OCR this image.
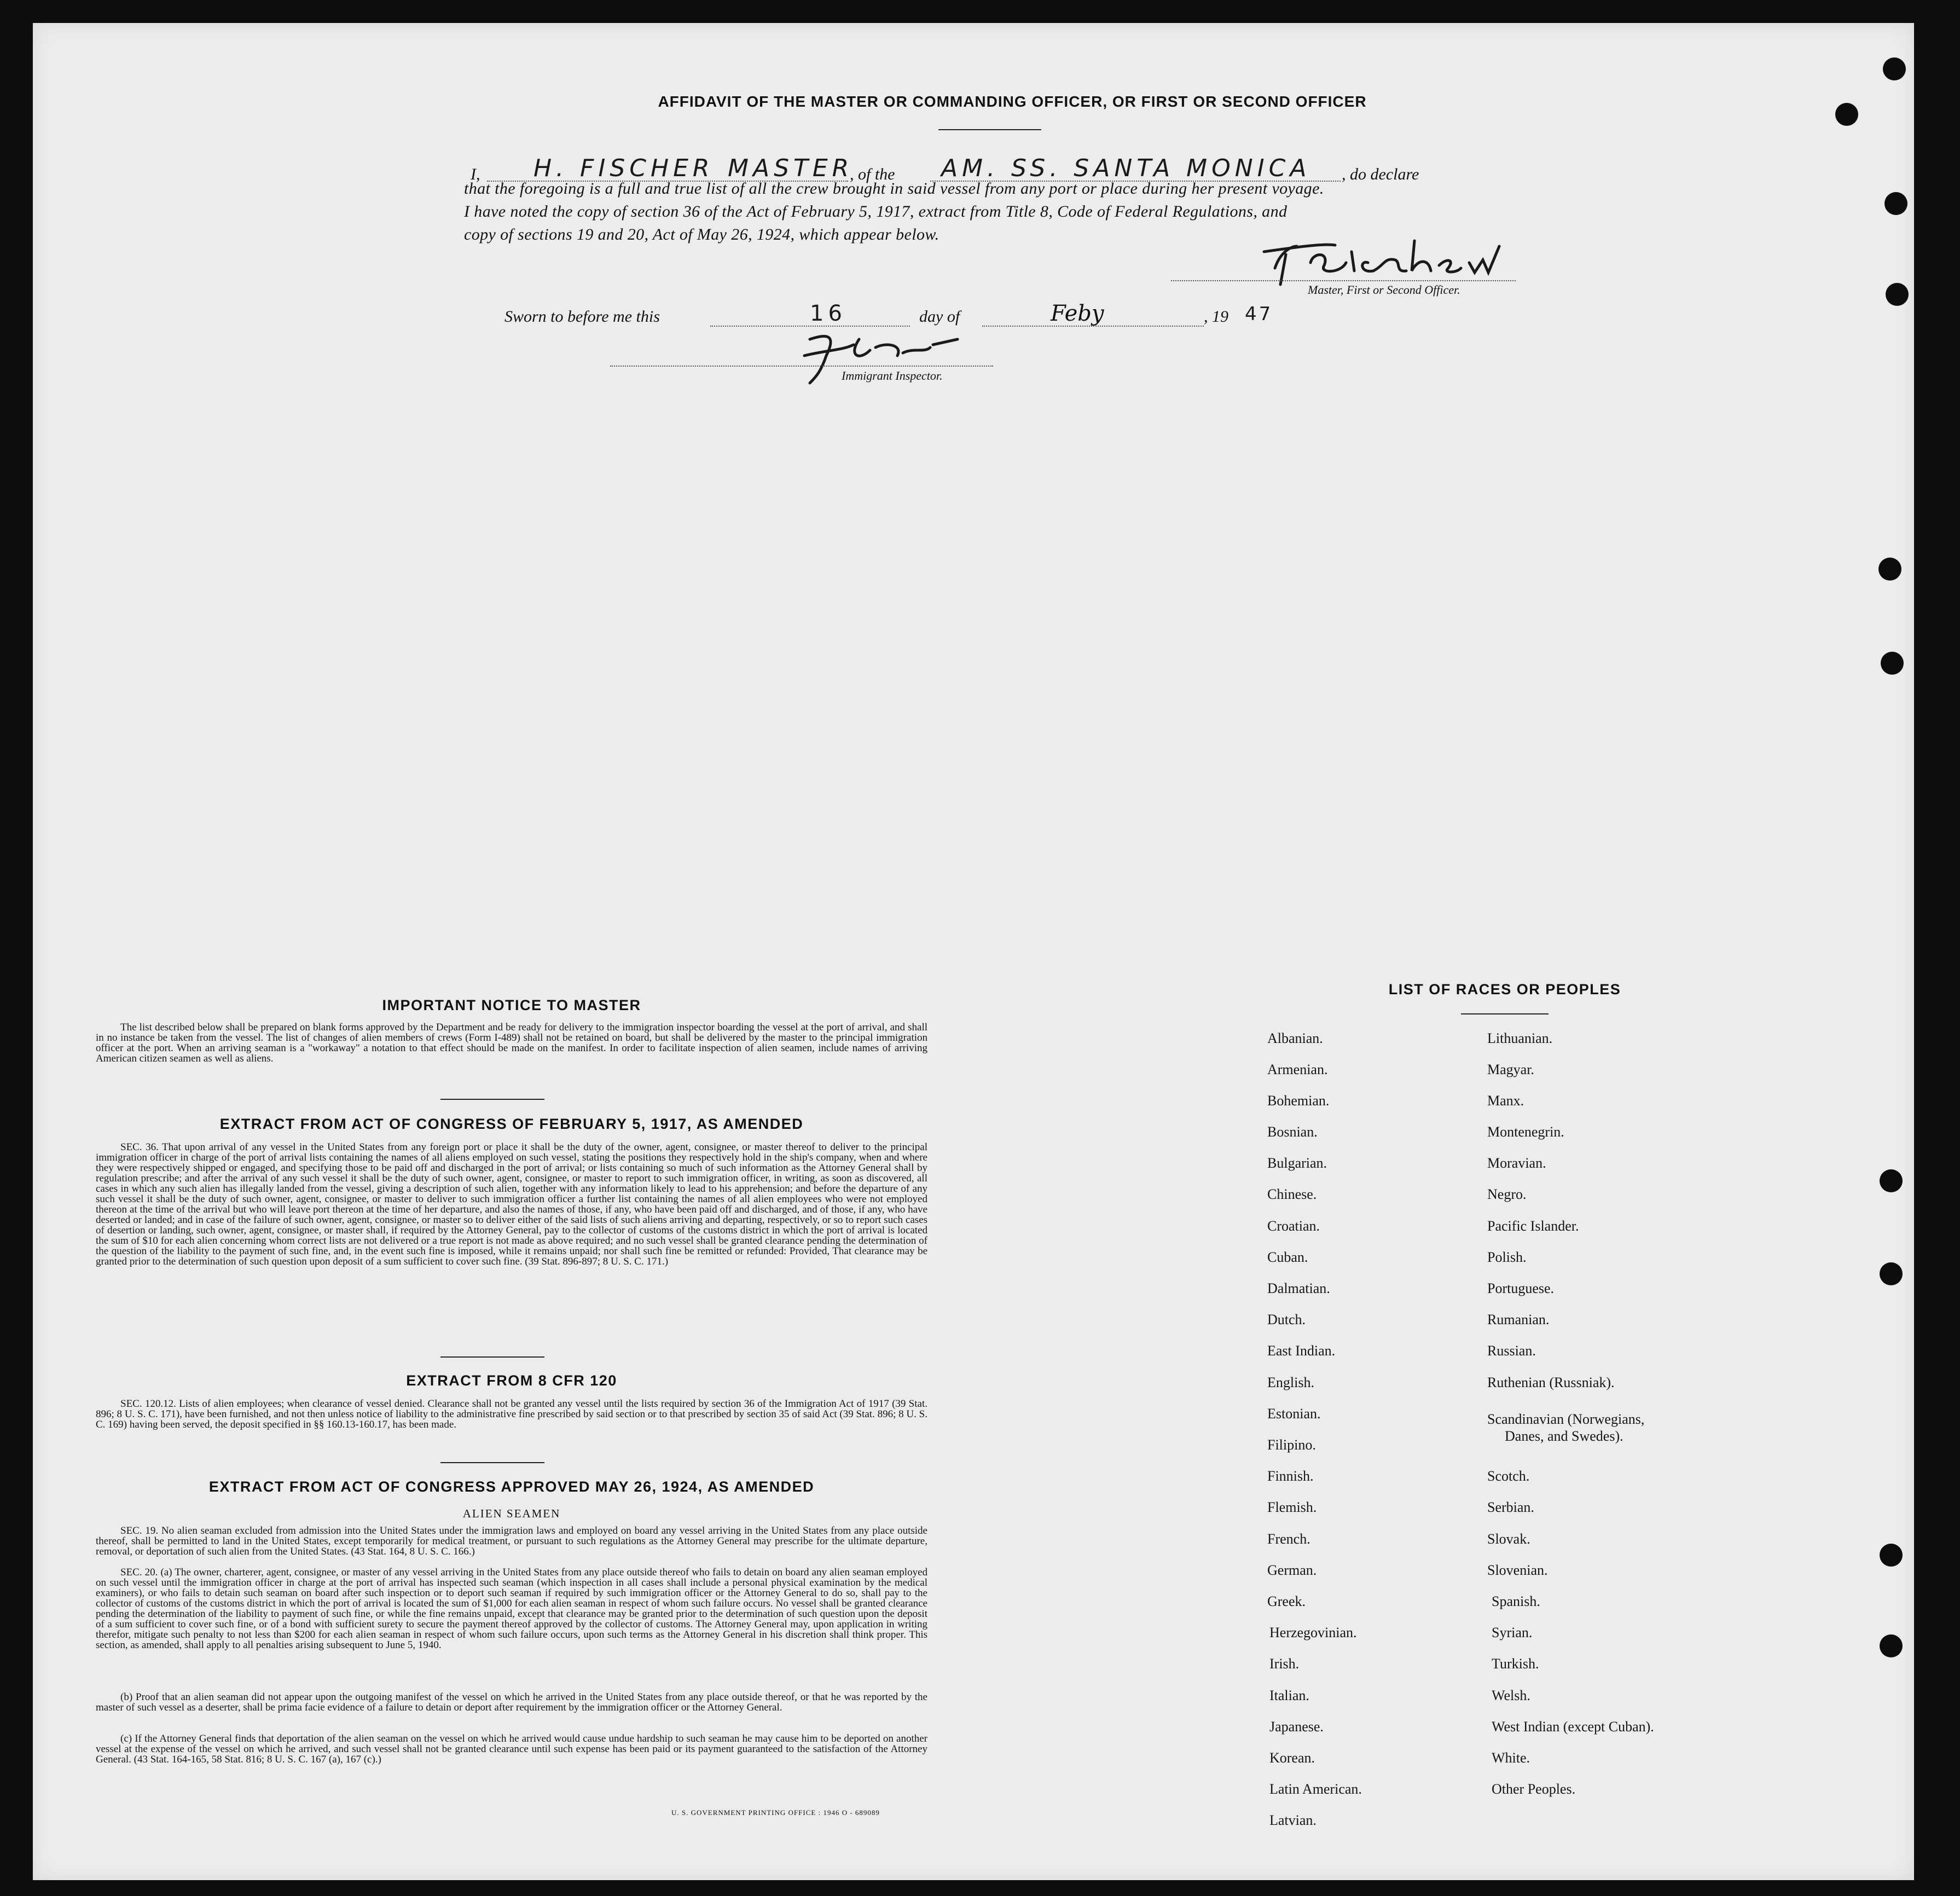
AFFIDAVIT OF THE MASTER OR COMMANDING OFFICER, OR FIRST OR SECOND OFFICER
I, H. FISCHER MASTER
, of the AM. SS. SANTA MONICA , do declare
that the foregoing is a full and true list of all the crew brought in said vessel from any port or place during her present voyage.
I have noted the copy of section 36 of the Act of February 5, 1917, extract from Title 8, Code of Federal Regulations, and
copy of sections 19 and 20, Act of May 26, 1924, which appear below.
Master, First or Second Officer.
Sworn to before me this	16	day of	Feby	, 19 47
Immigrant Inspector.
IMPORTANT NOTICE TO MASTER
The list described below shall be prepared on blank forms approved by the Department and be ready for delivery to the immigration inspector boarding the vessel at the port of arrival, and shall in no instance be taken from the vessel. The list of changes of alien members of crews (Form I-489) shall not be retained on board, but shall be delivered by the master to the principal immigration officer at the port. When an arriving seaman is a "workaway" a notation to that effect should be made on the manifest. In order to facilitate inspection of alien seamen, include names of arriving American citizen seamen as well as aliens.
EXTRACT FROM ACT OF CONGRESS OF FEBRUARY 5, 1917, AS AMENDED
SEC. 36. That upon arrival of any vessel in the United States from any foreign port or place it shall be the duty of the owner, agent, consignee, or master thereof to deliver to the principal immigration officer in charge of the port of arrival lists containing the names of all aliens employed on such vessel, stating the positions they respectively hold in the ship's company, when and where they were respectively shipped or engaged, and specifying those to be paid off and discharged in the port of arrival; or lists containing so much of such information as the Attorney General shall by regulation prescribe; and after the arrival of any such vessel it shall be the duty of such owner, agent, consignee, or master to report to such immigration officer, in writing, as soon as discovered, all cases in which any such alien has illegally landed from the vessel, giving a description of such alien, together with any information likely to lead to his apprehension; and before the departure of any such vessel it shall be the duty of such owner, agent, consignee, or master to deliver to such immigration officer a further list containing the names of all alien employees who were not employed thereon at the time of the arrival but who will leave port thereon at the time of her departure, and also the names of those, if any, who have been paid off and discharged, and of those, if any, who have deserted or landed; and in case of the failure of such owner, agent, consignee, or master so to deliver either of the said lists of such aliens arriving and departing, respectively, or so to report such cases of desertion or landing, such owner, agent, consignee, or master shall, if required by the Attorney General, pay to the collector of customs of the customs district in which the port of arrival is located the sum of $10 for each alien concerning whom correct lists are not delivered or a true report is not made as above required; and no such vessel shall be granted clearance pending the determination of the question of the liability to the payment of such fine, and, in the event such fine is imposed, while it remains unpaid; nor shall such fine be remitted or refunded: Provided, That clearance may be granted prior to the determination of such question upon deposit of a sum sufficient to cover such fine. (39 Stat. 896-897; 8 U. S. C. 171.)
EXTRACT FROM 8 CFR 120
SEC. 120.12. Lists of alien employees; when clearance of vessel denied. Clearance shall not be granted any vessel until the lists required by section 36 of the Immigration Act of 1917 (39 Stat. 896; 8 U. S. C. 171), have been furnished, and not then unless notice of liability to the administrative fine prescribed by said section or to that prescribed by section 35 of said Act (39 Stat. 896; 8 U. S. C. 169) having been served, the deposit specified in §§ 160.13-160.17, has been made.
EXTRACT FROM ACT OF CONGRESS APPROVED MAY 26, 1924, AS AMENDED
ALIEN SEAMEN
SEC. 19. No alien seaman excluded from admission into the United States under the immigration laws and employed on board any vessel arriving in the United States from any place outside thereof, shall be permitted to land in the United States, except temporarily for medical treatment, or pursuant to such regulations as the Attorney General may prescribe for the ultimate departure, removal, or deportation of such alien from the United States. (43 Stat. 164, 8 U. S. C. 166.)
SEC. 20. (a) The owner, charterer, agent, consignee, or master of any vessel arriving in the United States from any place outside thereof who fails to detain on board any alien seaman employed on such vessel until the immigration officer in charge at the port of arrival has inspected such seaman (which inspection in all cases shall include a personal physical examination by the medical examiners), or who fails to detain such seaman on board after such inspection or to deport such seaman if required by such immigration officer or the Attorney General to do so, shall pay to the collector of customs of the customs district in which the port of arrival is located the sum of $1,000 for each alien seaman in respect of whom such failure occurs. No vessel shall be granted clearance pending the determination of the liability to payment of such fine, or while the fine remains unpaid, except that clearance may be granted prior to the determination of such question upon the deposit of a sum sufficient to cover such fine, or of a bond with sufficient surety to secure the payment thereof approved by the collector of customs. The Attorney General may, upon application in writing therefor, mitigate such penalty to not less than $200 for each alien seaman in respect of whom such failure occurs, upon such terms as the Attorney General in his discretion shall think proper. This section, as amended, shall apply to all penalties arising subsequent to June 5, 1940.
(b) Proof that an alien seaman did not appear upon the outgoing manifest of the vessel on which he arrived in the United States from any place outside thereof, or that he was reported by the master of such vessel as a deserter, shall be prima facie evidence of a failure to detain or deport after requirement by the immigration officer or the Attorney General.
(c) If the Attorney General finds that deportation of the alien seaman on the vessel on which he arrived would cause undue hardship to such seaman he may cause him to be deported on another vessel at the expense of the vessel on which he arrived, and such vessel shall not be granted clearance until such expense has been paid or its payment guaranteed to the satisfaction of the Attorney General. (43 Stat. 164-165, 58 Stat. 816; 8 U. S. C. 167 (a), 167 (c).)
U. S. GOVERNMENT PRINTING OFFICE : 1946 O - 689089
LIST OF RACES OR PEOPLES
Albanian.
Armenian.
Bohemian.
Bosnian.
Bulgarian.
Chinese.
Croatian.
Cuban.
Dalmatian.
Dutch.
East Indian.
English.
Estonian.
Filipino.
Finnish.
Flemish.
French.
German.
Greek.
Herzegovinian.
Irish.
Italian.
Japanese.
Korean.
Latin American.
Latvian.
Lithuanian.
Magyar.
Manx.
Montenegrin.
Moravian.
Negro.
Pacific Islander.
Polish.
Portuguese.
Rumanian.
Russian.
Ruthenian (Russniak).
Scandinavian (Norwegians,
Danes, and Swedes).
Scotch.
Serbian.
Slovak.
Slovenian.
Spanish.
Syrian.
Turkish.
Welsh.
West Indian (except Cuban).
White.
Other Peoples.
